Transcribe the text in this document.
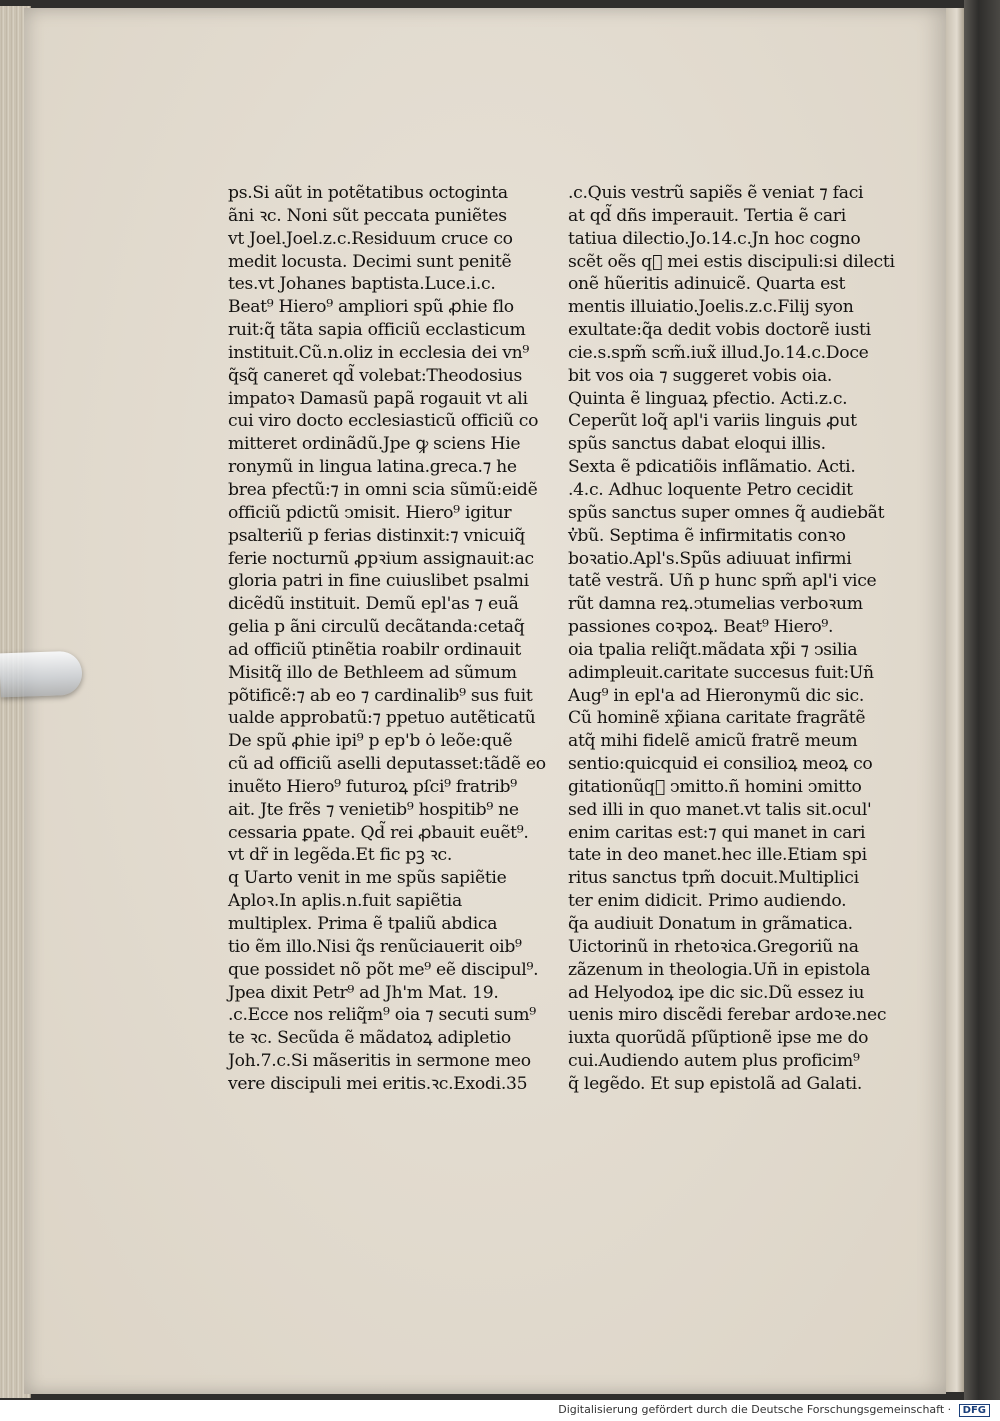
ps.Si aũt in potẽtatibus octoginta
ãni ꝛc. Noni sũt peccata puniẽtes
vt Joel.Joel.z.c.Residuum cruce co
medit locusta. Decimi sunt penitẽ
tes.vt Johanes baptista.Luce.i.c.
Beat⁹ Hiero⁹ ampliori spũ ꝓhie flo
ruit:q̃ tãta sapia officiũ ecclasticum
instituit.Cũ.n.oliz in ecclesia dei vn⁹
q̃sq̃ caneret qd̃ volebat:Theodosius
impatoꝛ Damasũ papã rogauit vt ali
cui viro docto ecclesiasticũ officiũ co
mitteret ordinãdũ.Jpe ꝙ sciens Hie
ronymũ in lingua latina.greca.⁊ he
brea pfectũ:⁊ in omni scia sũmũ:eidẽ
officiũ pdictũ ↄmisit. Hiero⁹ igitur
psalteriũ p ferias distinxit:⁊ vnicuiq̃
ferie nocturnũ ꝓpꝛium assignauit:ac
gloria patri in fine cuiuslibet psalmi
dicẽdũ instituit. Demũ epl'as ⁊ euã
gelia p ãni circulũ decãtanda:cetaq̃
ad officiũ ptinẽtia roabilr ordinauit
Misitq̃ illo de Bethleem ad sũmum
põtificẽ:⁊ ab eo ⁊ cardinalib⁹ sus fuit
ualde approbatũ:⁊ ppetuo autẽticatũ
De spũ ꝓhie ipi⁹ p ep'b ȯ leõe:quẽ
cũ ad officiũ aselli deputasset:tãdẽ eo
inuẽto Hiero⁹ futuroꝝ pſci⁹ fratrib⁹
ait. Jte frẽs ⁊ venietib⁹ hospitib⁹ ne
cessaria ꝑpate. Qd̃ rei ꝓbauit euẽt⁹.
vt dr̃ in legẽda.Et fic pꝫ ꝛc.
q Uarto venit in me spũs sapiẽtie
Aploꝛ.In aplis.n.fuit sapiẽtia
multiplex. Prima ẽ tpaliũ abdica
tio ẽm illo.Nisi q̃s renũciauerit oib⁹
que possidet nõ põt me⁹ eẽ discipul⁹.
Jpea dixit Petr⁹ ad Jh'm Mat. 19.
.c.Ecce nos reliq̃m⁹ oia ⁊ secuti sum⁹
te ꝛc. Secũda ẽ mãdatoꝝ adipletio
Joh.7.c.Si mãseritis in sermone meo
vere discipuli mei eritis.ꝛc.Exodi.35
.c.Quis vestrũ sapiẽs ẽ veniat ⁊ faci
at qd̃ dñs imperauit. Tertia ẽ cari
tatiua dilectio.Jo.14.c.Jn hoc cogno
scẽt oẽs q᷑ mei estis discipuli:si dilecti
onẽ hũeritis adinuicẽ. Quarta est
mentis illuiatio.Joelis.z.c.Filij syon
exultate:q̃a dedit vobis doctorẽ iusti
cie.s.spm̃ scm̃.iux̃ illud.Jo.14.c.Doce
bit vos oia ⁊ suggeret vobis oia.
Quinta ẽ linguaꝝ pfectio. Acti.z.c.
Ceperũt loq̃ apl'i variis linguis ꝓut
spũs sanctus dabat eloqui illis.
Sexta ẽ pdicatiõis inflãmatio. Acti.
.4.c. Adhuc loquente Petro cecidit
spũs sanctus super omnes q̃ audiebãt
v̓bũ. Septima ẽ infirmitatis conꝛo
boꝛatio.Apl's.Spũs adiuuat infirmi
tatẽ vestrã. Uñ p hunc spm̃ apl'i vice
rũt damna reꝝ.ↄtumelias verboꝛum
passiones coꝛpoꝝ. Beat⁹ Hiero⁹.
oia tpalia reliq̃t.mãdata xp̃i ⁊ ↄsilia
adimpleuit.caritate succesus fuit:Uñ
Aug⁹ in epl'a ad Hieronymũ dic sic.
Cũ hominẽ xp̃iana caritate fragrãtẽ
atq̃ mihi fidelẽ amicũ fratrẽ meum
sentio:quicquid ei consilioꝝ meoꝝ co
gitationũq᷑ ↄmitto.ñ homini ↄmitto
sed illi in quo manet.vt talis sit.ocul'
enim caritas est:⁊ qui manet in cari
tate in deo manet.hec ille.Etiam spi
ritus sanctus tpm̃ docuit.Multiplici
ter enim didicit. Primo audiendo.
q̃a audiuit Donatum in grãmatica.
Uictorinũ in rhetoꝛica.Gregoriũ na
zãzenum in theologia.Uñ in epistola
ad Helyodoꝝ ipe dic sic.Dũ essez iu
uenis miro discẽdi ferebar ardoꝛe.nec
iuxta quorũdã pſũptionẽ ipse me do
cui.Audiendo autem plus proficim⁹
q̃ legẽdo. Et sup epistolã ad Galati.
Digitalisierung gefördert durch die Deutsche Forschungsgemeinschaft · DFG
